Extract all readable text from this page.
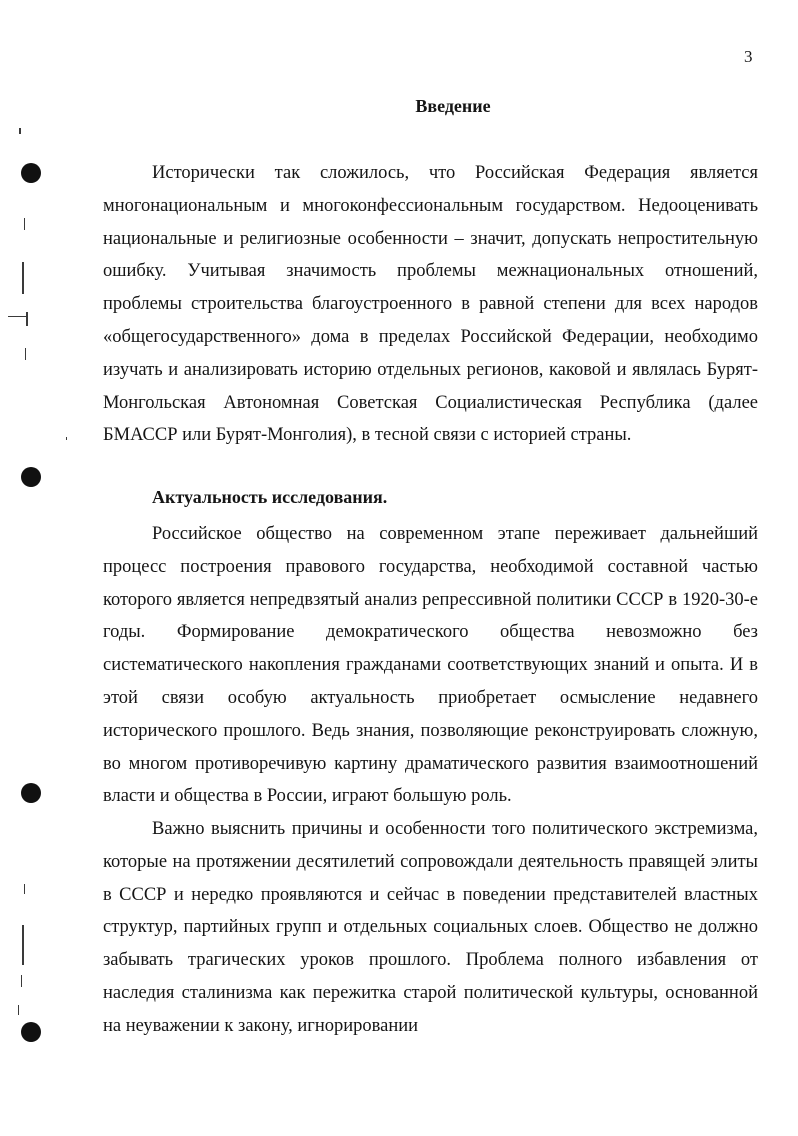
3
Введение
Исторически так сложилось, что Российская Федерация является многонациональным и многоконфессиональным государством. Недооценивать национальные и религиозные особенности – значит, допускать непростительную ошибку. Учитывая значимость проблемы межнациональных отношений, проблемы строительства благоустроенного в равной степени для всех народов «общегосударственного» дома в пределах Российской Федерации, необходимо изучать и анализировать историю отдельных регионов, каковой и являлась Бурят-Монгольская Автономная Советская Социалистическая Республика (далее БМАССР или Бурят-Монголия), в тесной связи с историей страны.
Актуальность исследования.
Российское общество на современном этапе переживает дальнейший процесс построения правового государства, необходимой составной частью которого является непредвзятый анализ репрессивной политики СССР в 1920-30-е годы. Формирование демократического общества невозможно без систематического накопления гражданами соответствующих знаний и опыта. И в этой связи особую актуальность приобретает осмысление недавнего исторического прошлого. Ведь знания, позволяющие реконструировать сложную, во многом противоречивую картину драматического развития взаимоотношений власти и общества в России, играют большую роль.
Важно выяснить причины и особенности того политического экстремизма, которые на протяжении десятилетий сопровождали деятельность правящей элиты в СССР и нередко проявляются и сейчас в поведении представителей властных структур, партийных групп и отдельных социальных слоев. Общество не должно забывать трагических уроков прошлого. Проблема полного избавления от наследия сталинизма как пережитка старой политической культуры, основанной на неуважении к закону, игнорировании
